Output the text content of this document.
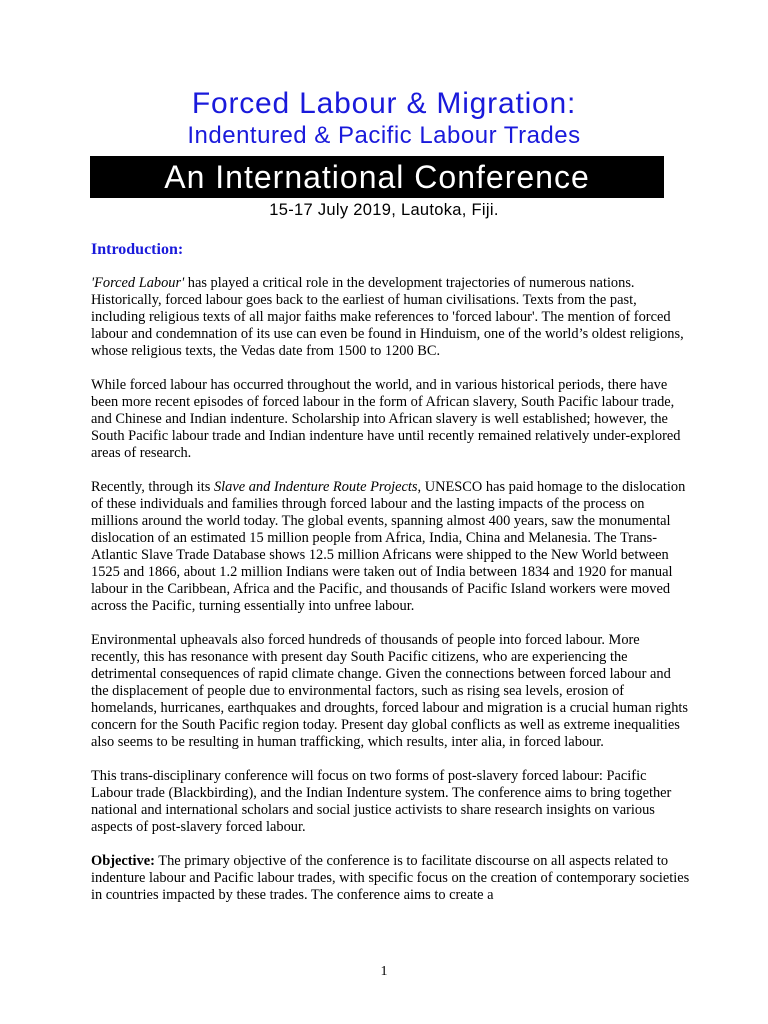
Forced Labour & Migration:
Indentured & Pacific Labour Trades
An International Conference
15-17 July 2019, Lautoka, Fiji.
Introduction:

'Forced Labour' has played a critical role in the development trajectories of numerous nations. Historically, forced labour goes back to the earliest of human civilisations. Texts from the past, including religious texts of all major faiths make references to 'forced labour'. The mention of forced labour and condemnation of its use can even be found in Hinduism, one of the world’s oldest religions, whose religious texts, the Vedas date from 1500 to 1200 BC.

While forced labour has occurred throughout the world, and in various historical periods, there have been more recent episodes of forced labour in the form of African slavery, South Pacific labour trade, and Chinese and Indian indenture. Scholarship into African slavery is well established; however, the South Pacific labour trade and Indian indenture have until recently remained relatively under-explored areas of research.

Recently, through its Slave and Indenture Route Projects, UNESCO has paid homage to the dislocation of these individuals and families through forced labour and the lasting impacts of the process on millions around the world today. The global events, spanning almost 400 years, saw the monumental dislocation of an estimated 15 million people from Africa, India, China and Melanesia. The Trans-Atlantic Slave Trade Database shows 12.5 million Africans were shipped to the New World between 1525 and 1866, about 1.2 million Indians were taken out of India between 1834 and 1920 for manual labour in the Caribbean, Africa and the Pacific, and thousands of Pacific Island workers were moved across the Pacific, turning essentially into unfree labour.

Environmental upheavals also forced hundreds of thousands of people into forced labour. More recently, this has resonance with present day South Pacific citizens, who are experiencing the detrimental consequences of rapid climate change. Given the connections between forced labour and the displacement of people due to environmental factors, such as rising sea levels, erosion of homelands, hurricanes, earthquakes and droughts, forced labour and migration is a crucial human rights concern for the South Pacific region today. Present day global conflicts as well as extreme inequalities also seems to be resulting in human trafficking, which results, inter alia, in forced labour.

This trans-disciplinary conference will focus on two forms of post-slavery forced labour: Pacific Labour trade (Blackbirding), and the Indian Indenture system. The conference aims to bring together national and international scholars and social justice activists to share research insights on various aspects of post-slavery forced labour.

Objective: The primary objective of the conference is to facilitate discourse on all aspects related to indenture labour and Pacific labour trades, with specific focus on the creation of contemporary societies in countries impacted by these trades. The conference aims to create a

1
